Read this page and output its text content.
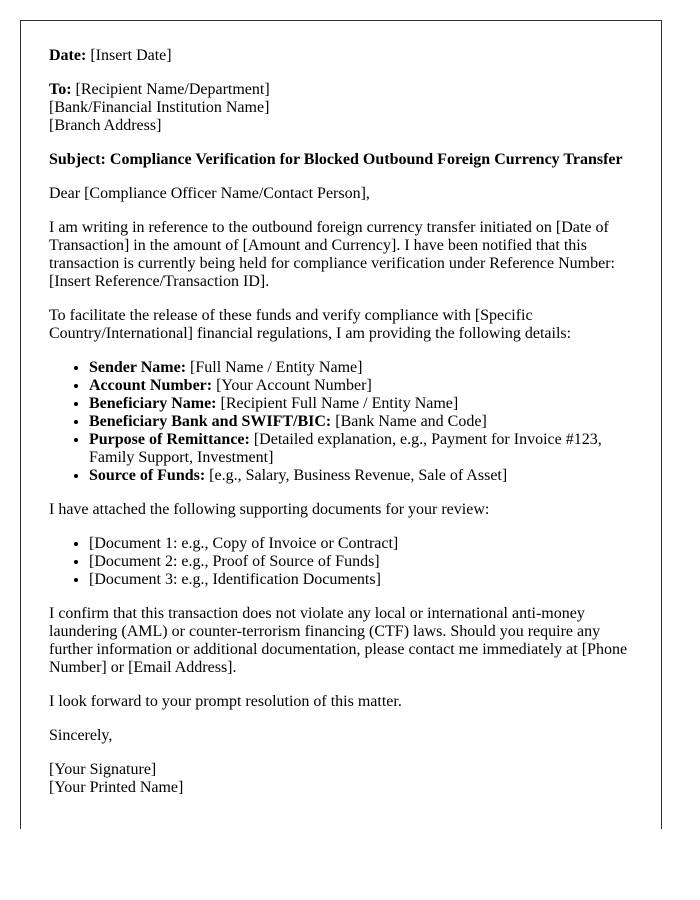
Date: [Insert Date]

To: [Recipient Name/Department]
[Bank/Financial Institution Name]
[Branch Address]

Subject: Compliance Verification for Blocked Outbound Foreign Currency Transfer

Dear [Compliance Officer Name/Contact Person],

I am writing in reference to the outbound foreign currency transfer initiated on [Date of Transaction] in the amount of [Amount and Currency]. I have been notified that this transaction is currently being held for compliance verification under Reference Number: [Insert Reference/Transaction ID].

To facilitate the release of these funds and verify compliance with [Specific Country/International] financial regulations, I am providing the following details:

• Sender Name: [Full Name / Entity Name]
• Account Number: [Your Account Number]
• Beneficiary Name: [Recipient Full Name / Entity Name]
• Beneficiary Bank and SWIFT/BIC: [Bank Name and Code]
• Purpose of Remittance: [Detailed explanation, e.g., Payment for Invoice #123, Family Support, Investment]
• Source of Funds: [e.g., Salary, Business Revenue, Sale of Asset]

I have attached the following supporting documents for your review:

• [Document 1: e.g., Copy of Invoice or Contract]
• [Document 2: e.g., Proof of Source of Funds]
• [Document 3: e.g., Identification Documents]

I confirm that this transaction does not violate any local or international anti-money laundering (AML) or counter-terrorism financing (CTF) laws. Should you require any further information or additional documentation, please contact me immediately at [Phone Number] or [Email Address].

I look forward to your prompt resolution of this matter.

Sincerely,

[Your Signature]
[Your Printed Name]
